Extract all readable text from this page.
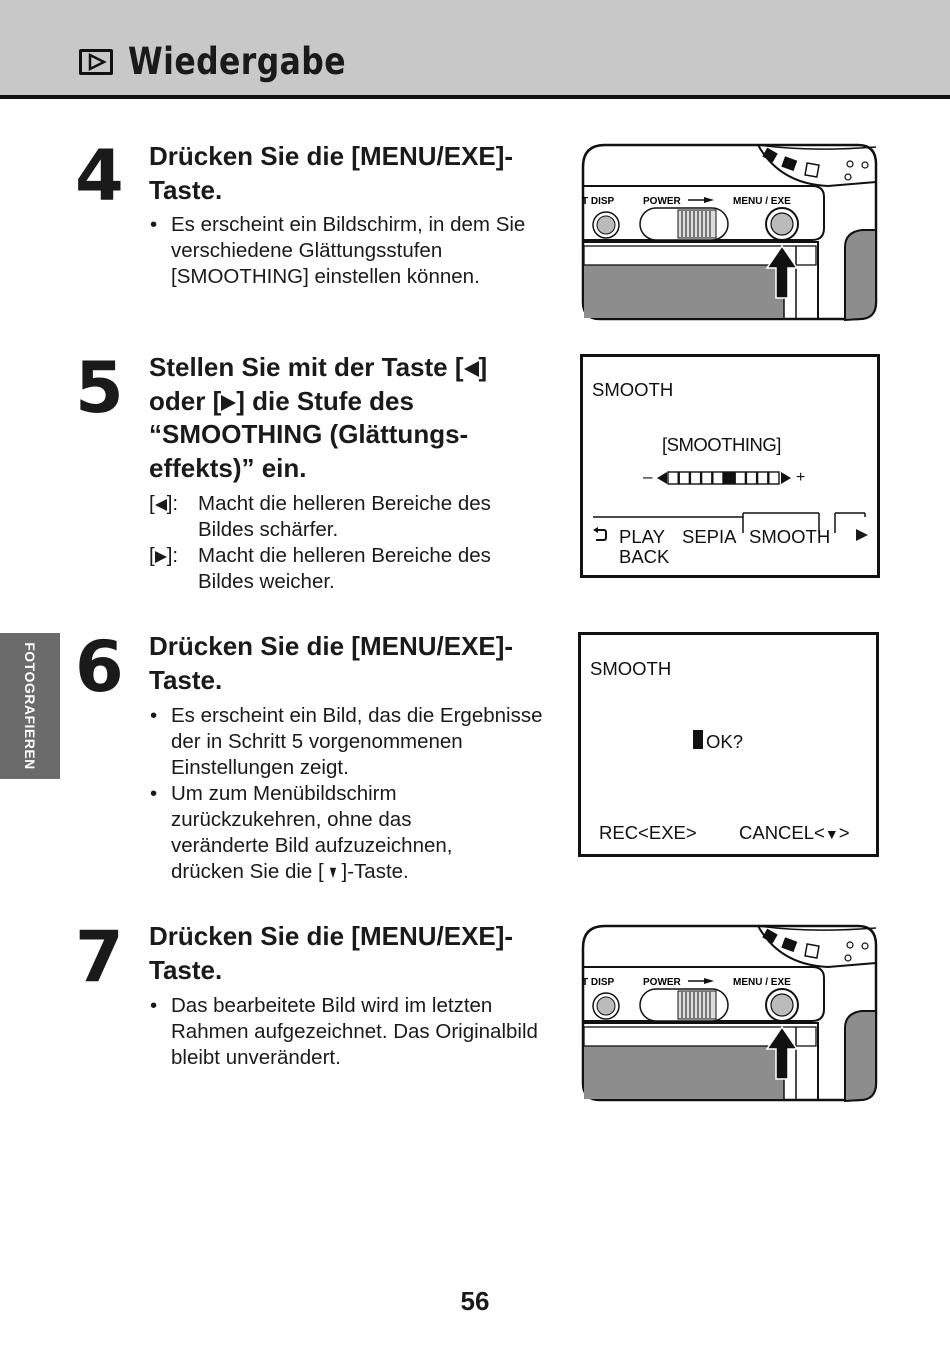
Wiedergabe
FOTOGRAFIEREN
4 Drücken Sie die [MENU/EXE]-
Taste.
• Es erscheint ein Bildschirm, in dem Sie verschiedene Glättungsstufen [SMOOTHING] einstellen können.
T DISP	POWER	MENU / EXE
5 Stellen Sie mit der Taste [ ]
oder [ ] die Stufe des
“SMOOTHING (Glättungs-
effekts)” ein.
[ ]: Macht die helleren Bereiche des Bildes schärfer.
[ ]: Macht die helleren Bereiche des Bildes weicher.
SMOOTH
[SMOOTHING]
–	+
PLAY
BACK
SEPIA SMOOTH
6 Drücken Sie die [MENU/EXE]-
Taste.
• Es erscheint ein Bild, das die Ergebnisse der in Schritt 5 vorgenommenen Einstellungen zeigt.
• Um zum Menübildschirm zurückzukehren, ohne das veränderte Bild aufzuzeichnen, drücken Sie die [ ▼ ]-Taste.
SMOOTH
OK?
REC<EXE> CANCEL<▼>
7 Drücken Sie die [MENU/EXE]-
Taste.
• Das bearbeitete Bild wird im letzten Rahmen aufgezeichnet. Das Originalbild bleibt unverändert.
T DISP	POWER	MENU / EXE
56
